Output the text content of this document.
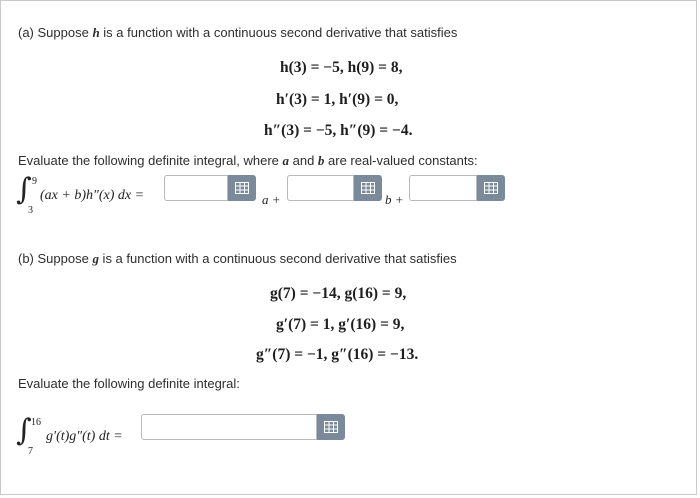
(a) Suppose h is a function with a continuous second derivative that satisfies
h(3) = −5, h(9) = 8,
h′(3) = 1, h′(9) = 0,
h″(3) = −5, h″(9) = −4.
Evaluate the following definite integral, where a and b are real-valued constants:
∫ 9
3
(ax + b)h″(x) dx =	a +	b +
(b) Suppose g is a function with a continuous second derivative that satisfies
g(7) = −14, g(16) = 9,
g′(7) = 1, g′(16) = 9,
g″(7) = −1, g″(16) = −13.
Evaluate the following definite integral:
∫ 16
7
g′(t)g″(t) dt =
